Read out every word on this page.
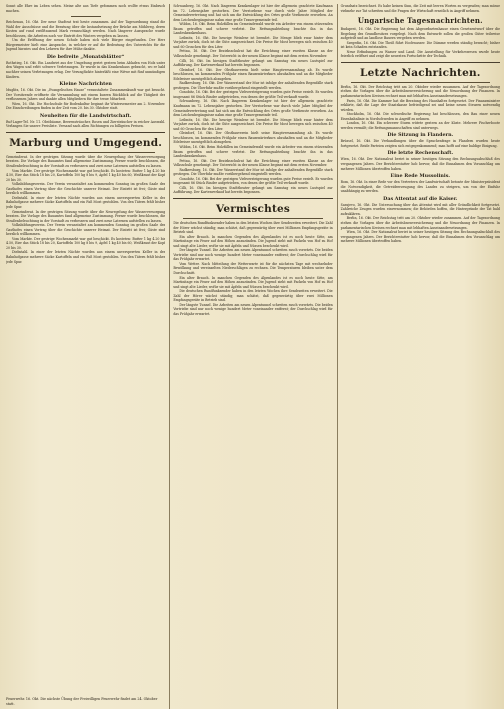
Sonnt alle Ehre im Leben sehen. Meine alte aus Tiefe gefommen noch wollte etwas Einbruch machen.

Reichenau, 16. Okt. Der neue Stadtrat trat heute zusammen. Auf der Tagesordnung stand die Wahl der Ausschüsse und die Beratung über die Instandsetzung der Brücke am Mühlweg, deren Kosten auf rund zwölftausend Mark veranschlagt werden. Nach längerer Aussprache wurde beschlossen, die Arbeiten noch vor Eintritt des Winters vergeben zu lassen.

Um die Eröffnung der neuen Schule haben sich viele Bürger eingefunden. Der Herr Bürgermeister hielt eine Ansprache, in welcher er auf die Bedeutung des Unterrichts für die Jugend hinwies und den Lehrern für ihre Mühe dankte.

Die befreite „Monatsblätter“

Rothstieg, 16. Okt. Ein Landwirt aus der Umgebung geriet gestern beim Abladen von Holz unter den Wagen und erlitt schwere Verletzungen. Er wurde in das Krankenhaus gebracht, wo er bald nachher seinen Verletzungen erlag. Der Verunglückte hinterläßt eine Witwe mit fünf unmündigen Kindern.

Kleine Nachrichten

Muglitz, 16. Okt. Die im „Evangelischen Hause“ veranstaltete Zusammenkunft war gut besucht. Der Vorsitzende eröffnete die Versammlung mit einem kurzen Rückblick auf die Tätigkeit des verflossenen Jahres und dankte allen Mitgliedern für ihre treue Mitarbeit.

Wien, 16. Okt. Die Hochschule für Bodenkultur beginnt ihr Wintersemester am 2. November. Die Einschreibungen finden in der Zeit vom 20. bis 30. Oktober statt.

Neuheiten für die Landwirtschaft.

Ruf-Lager-Tel. Nr. 11. Obstbäume, Beerensträucher, Rosen und Ziersträucher in reicher Auswahl. Verlangen Sie unsere Preisliste. Versand nach allen Richtungen zu billigsten Preisen.

Marburg und Umgegend.

Gemeinderat. In der gestrigen Sitzung wurde über die Neuregelung der Wasserversorgung beraten. Die Vorlage des Bauamtes fand allgemeine Zustimmung. Ferner wurde beschlossen, die Straßenbeleuchtung in der Vorstadt zu verbessern und zwei neue Laternen aufstellen zu lassen.

Vom Markte. Der gestrige Wochenmarkt war gut beschickt. Es kosteten: Butter 1 kg 4.20 bis 4.50, Eier das Stück 18 bis 20, Kartoffeln 100 kg 8 bis 9, Äpfel 1 kg 40 bis 60, Weißkraut der Kopf 20 bis 30.

Volksbildungsverein. Der Verein veranstaltet am kommenden Sonntag im großen Saale des Gasthofes einen Vortrag über die Geschichte unserer Heimat. Der Eintritt ist frei; Gäste sind herzlich willkommen.

Diebstahl. In einer der letzten Nächte wurden aus einem unversperrten Keller in der Bahnhofgasse mehrere Säcke Kartoffeln und ein Faß Most gestohlen. Von den Tätern fehlt bisher jede Spur.

Gemeinderat. In der gestrigen Sitzung wurde über die Neuregelung der Wasserversorgung beraten. Die Vorlage des Bauamtes fand allgemeine Zustimmung. Ferner wurde beschlossen, die Straßenbeleuchtung in der Vorstadt zu verbessern und zwei neue Laternen aufstellen zu lassen.

Volksbildungsverein. Der Verein veranstaltet am kommenden Sonntag im großen Saale des Gasthofes einen Vortrag über die Geschichte unserer Heimat. Der Eintritt ist frei; Gäste sind herzlich willkommen.

Vom Markte. Der gestrige Wochenmarkt war gut beschickt. Es kosteten: Butter 1 kg 4.20 bis 4.50, Eier das Stück 18 bis 20, Kartoffeln 100 kg 8 bis 9, Äpfel 1 kg 40 bis 60, Weißkraut der Kopf 20 bis 30.

Diebstahl. In einer der letzten Nächte wurden aus einem unversperrten Keller in der Bahnhofgasse mehrere Säcke Kartoffeln und ein Faß Most gestohlen. Von den Tätern fehlt bisher jede Spur.

Feuerwehr. 16. Okt. Die nächste Übung der Freiwilligen Feuerwehr findet am 24. Oktober statt.

Schwanberg, 16. Okt. Nach längerem Krankenlager ist hier der allgemein geachtete Kaufmann im 72. Lebensjahre gestorben. Der Verstorbene war durch viele Jahre Mitglied der Gemeindevertretung und hat sich um die Entwicklung des Ortes große Verdienste erworben. An dem Leichenbegängnisse nahm eine große Trauergemeinde teil.

Wildon, 16. Okt. Beim Holzfällen im Gemeindewald wurde ein Arbeiter von einem stürzenden Baum getroffen und schwer verletzt. Die Rettungsabteilung brachte ihn in das Landeskrankenhaus.

Leibnitz, 16. Okt. Die heurige Weinlese ist beendet. Die Menge blieb zwar hinter dem Vorjahre zurück, doch ist die Güte ausgezeichnet. Die Preise für Most bewegen sich zwischen 40 und 60 Groschen für den Liter.

Pettau, 16. Okt. Der Bezirksschulrat hat die Errichtung einer zweiten Klasse an der Volksschule genehmigt. Der Unterricht in der neuen Klasse beginnt mit dem ersten November.

Cilli, 16. Okt. Im hiesigen Stadttheater gelangt am Samstag ein neues Lustspiel zur Aufführung. Der Kartenverkauf hat bereits begonnen.

Gleisdorf, 16. Okt. Der Obstbauverein hielt seine Hauptversammlung ab. Es wurde beschlossen, im kommenden Frühjahr einen Baumwärterkurs abzuhalten und an die Mitglieder Edelreiser unentgeltlich abzugeben.

Radkersburg, 16. Okt. Der Wasserstand der Mur ist infolge der anhaltenden Regenfälle stark gestiegen. Die Überfuhr mußte vorübergehend eingestellt werden.

Gonobitz, 16. Okt. Bei der gestrigen Viehversteigerung wurden gute Preise erzielt. Es wurden insgesamt 86 Stück Rinder aufgetrieben, von denen der größte Teil verkauft wurde.

Schwanberg, 16. Okt. Nach längerem Krankenlager ist hier der allgemein geachtete Kaufmann im 72. Lebensjahre gestorben. Der Verstorbene war durch viele Jahre Mitglied der Gemeindevertretung und hat sich um die Entwicklung des Ortes große Verdienste erworben. An dem Leichenbegängnisse nahm eine große Trauergemeinde teil.

Leibnitz, 16. Okt. Die heurige Weinlese ist beendet. Die Menge blieb zwar hinter dem Vorjahre zurück, doch ist die Güte ausgezeichnet. Die Preise für Most bewegen sich zwischen 40 und 60 Groschen für den Liter.

Gleisdorf, 16. Okt. Der Obstbauverein hielt seine Hauptversammlung ab. Es wurde beschlossen, im kommenden Frühjahr einen Baumwärterkurs abzuhalten und an die Mitglieder Edelreiser unentgeltlich abzugeben.

Wildon, 16. Okt. Beim Holzfällen im Gemeindewald wurde ein Arbeiter von einem stürzenden Baum getroffen und schwer verletzt. Die Rettungsabteilung brachte ihn in das Landeskrankenhaus.

Pettau, 16. Okt. Der Bezirksschulrat hat die Errichtung einer zweiten Klasse an der Volksschule genehmigt. Der Unterricht in der neuen Klasse beginnt mit dem ersten November.

Radkersburg, 16. Okt. Der Wasserstand der Mur ist infolge der anhaltenden Regenfälle stark gestiegen. Die Überfuhr mußte vorübergehend eingestellt werden.

Gonobitz, 16. Okt. Bei der gestrigen Viehversteigerung wurden gute Preise erzielt. Es wurden insgesamt 86 Stück Rinder aufgetrieben, von denen der größte Teil verkauft wurde.

Cilli, 16. Okt. Im hiesigen Stadttheater gelangt am Samstag ein neues Lustspiel zur Aufführung. Der Kartenverkauf hat bereits begonnen.

Vermischtes

Die deutschen Rundfunksender haben in den letzten Wochen ihre Sendezeiten erweitert. Die Zahl der Hörer wächst ständig; man schätzt, daß gegenwärtig über zwei Millionen Empfangsgeräte in Betrieb sind.

Ein alter Brauch. In manchen Gegenden des Alpenlandes ist es noch heute Sitte, am Martinitage ein Feuer auf den Höhen anzuzünden. Die Jugend zieht mit Fackeln von Hof zu Hof und singt alte Lieder, wofür sie mit Äpfeln und Nüssen beschenkt wird.

Der längste Tunnel. Die Arbeiten am neuen Alpentunnel schreiten rasch vorwärts. Die beiden Vortriebe sind nur noch wenige hundert Meter voneinander entfernt; der Durchschlag wird für das Frühjahr erwartet.

Vom Wetter. Nach Mitteilung der Wetterwarte ist für die nächsten Tage mit wechselnder Bewölkung und vereinzelten Niederschlägen zu rechnen. Die Temperaturen bleiben unter dem Durchschnitt.

Ein alter Brauch. In manchen Gegenden des Alpenlandes ist es noch heute Sitte, am Martinitage ein Feuer auf den Höhen anzuzünden. Die Jugend zieht mit Fackeln von Hof zu Hof und singt alte Lieder, wofür sie mit Äpfeln und Nüssen beschenkt wird.

Die deutschen Rundfunksender haben in den letzten Wochen ihre Sendezeiten erweitert. Die Zahl der Hörer wächst ständig; man schätzt, daß gegenwärtig über zwei Millionen Empfangsgeräte in Betrieb sind.

Der längste Tunnel. Die Arbeiten am neuen Alpentunnel schreiten rasch vorwärts. Die beiden Vortriebe sind nur noch wenige hundert Meter voneinander entfernt; der Durchschlag wird für das Frühjahr erwartet.

Grundsatz bezeichnet. Es habe keinen Sinn, die Zeit mit leeren Worten zu vergeuden; man müsse vielmehr zur Tat schreiten und die Fragen der Wirtschaft ernstlich in Angriff nehmen.

Ungarische Tagesnachrichten.

Budapest, 16. Okt. Die Regierung hat dem Abgeordnetenhause einen Gesetzentwurf über die Regelung des Grundbesitzes vorgelegt. Nach dem Entwurfe sollen die großen Güter teilweise aufgeteilt und an landlose Bauern vergeben werden.

Szegedin, 16. Okt. Die Theiß führt Hochwasser. Die Dämme werden ständig bewacht; bisher ist kein Schaden entstanden.

Neue Erfindungen zu Wasser und Land. Die Ausstellung für Verkehrswesen wurde heute feierlich eröffnet und zeigt die neuesten Fortschritte der Technik.

Letzte Nachrichten.

Berlin, 16. Okt. Der Reichstag tritt am 20. Oktober wieder zusammen. Auf der Tagesordnung stehen die Vorlagen über die Arbeitslosenversicherung und die Neuordnung der Finanzen. In parlamentarischen Kreisen rechnet man mit lebhaften Auseinandersetzungen.

Paris, 16. Okt. Die Kammer hat die Beratung des Haushaltes fortgesetzt. Der Finanzminister erklärte, daß die Lage der Staatskasse befriedigend sei und keine neuen Steuern notwendig würden.

Stockholm, 16. Okt. Die schwedische Regierung hat beschlossen, den Bau einer neuen Eisenbahnlinie in Nordschweden in Angriff zu nehmen.

London, 16. Okt. Ein schwerer Sturm wütete gestern an der Küste. Mehrere Fischerboote werden vermißt; die Rettungsmannschaften sind unterwegs.

Die Sitzung in Flandern.

Brüssel, 16. Okt. Die Verhandlungen über die Sprachenfrage in Flandern wurden heute fortgesetzt. Beide Parteien zeigten sich entgegenkommend; man hofft auf eine baldige Einigung.

Die letzte Rechenschaft.

Wien, 16. Okt. Der Nationalrat beriet in seiner heutigen Sitzung den Rechnungsabschluß des vergangenen Jahres. Der Berichterstatter hob hervor, daß die Einnahmen den Voranschlag um mehrere Millionen übertroffen haben.

Eine Rede Mussolinis.

Rom, 16. Okt. In einer Rede vor den Vertretern der Landwirtschaft betonte der Ministerpräsident die Notwendigkeit, die Getreideerzeugung des Landes zu steigern, um von der Einfuhr unabhängig zu werden.

Das Attentat auf die Kaiser.

Sarajevo, 16. Okt. Die Untersuchung über das Attentat wird mit aller Gründlichkeit fortgesetzt. Zahlreiche Zeugen wurden einvernommen; die Behörden hoffen, die Hintergründe der Tat bald aufzuklären.

Berlin, 16. Okt. Der Reichstag tritt am 20. Oktober wieder zusammen. Auf der Tagesordnung stehen die Vorlagen über die Arbeitslosenversicherung und die Neuordnung der Finanzen. In parlamentarischen Kreisen rechnet man mit lebhaften Auseinandersetzungen.

Wien, 16. Okt. Der Nationalrat beriet in seiner heutigen Sitzung den Rechnungsabschluß des vergangenen Jahres. Der Berichterstatter hob hervor, daß die Einnahmen den Voranschlag um mehrere Millionen übertroffen haben.
